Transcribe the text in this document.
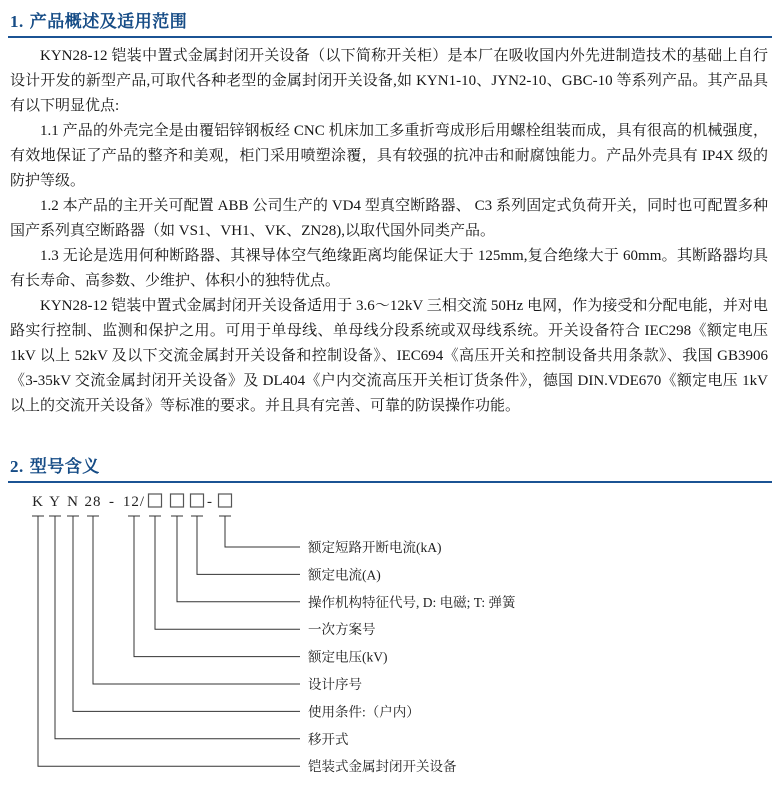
1. 产品概述及适用范围

KYN28-12 铠装中置式金属封闭开关设备（以下简称开关柜）是本厂在吸收国内外先进制造技术的基础上自行设计开发的新型产品,可取代各种老型的金属封闭开关设备,如 KYN1-10、JYN2-10、GBC-10 等系列产品。其产品具有以下明显优点:

1.1 产品的外壳完全是由覆铝锌钢板经 CNC 机床加工多重折弯成形后用螺栓组装而成，具有很高的机械强度，有效地保证了产品的整齐和美观，柜门采用喷塑涂覆，具有较强的抗冲击和耐腐蚀能力。产品外壳具有 IP4X 级的防护等级。

1.2 本产品的主开关可配置 ABB 公司生产的 VD4 型真空断路器、 C3 系列固定式负荷开关，同时也可配置多种国产系列真空断路器（如 VS1、VH1、VK、ZN28),以取代国外同类产品。

1.3 无论是选用何种断路器、其裸导体空气绝缘距离均能保证大于 125mm,复合绝缘大于 60mm。其断路器均具有长寿命、高参数、少维护、体积小的独特优点。

KYN28-12 铠装中置式金属封闭开关设备适用于 3.6～12kV 三相交流 50Hz 电网，作为接受和分配电能，并对电路实行控制、监测和保护之用。可用于单母线、单母线分段系统或双母线系统。开关设备符合 IEC298《额定电压 1kV 以上 52kV 及以下交流金属封开关设备和控制设备》、IEC694《高压开关和控制设备共用条款》、我国 GB3906《3-35kV 交流金属封闭开关设备》及 DL404《户内交流高压开关柜订货条件》，德国 DIN.VDE670《额定电压 1kV 以上的交流开关设备》等标准的要求。并且具有完善、可靠的防误操作功能。

2. 型号含义
K Y N 28 - 12/	-
额定短路开断电流(kA)
额定电流(A)
操作机构特征代号, D: 电磁; T: 弹簧
一次方案号
额定电压(kV)
设计序号
使用条件:（户内）
移开式
铠装式金属封闭开关设备
